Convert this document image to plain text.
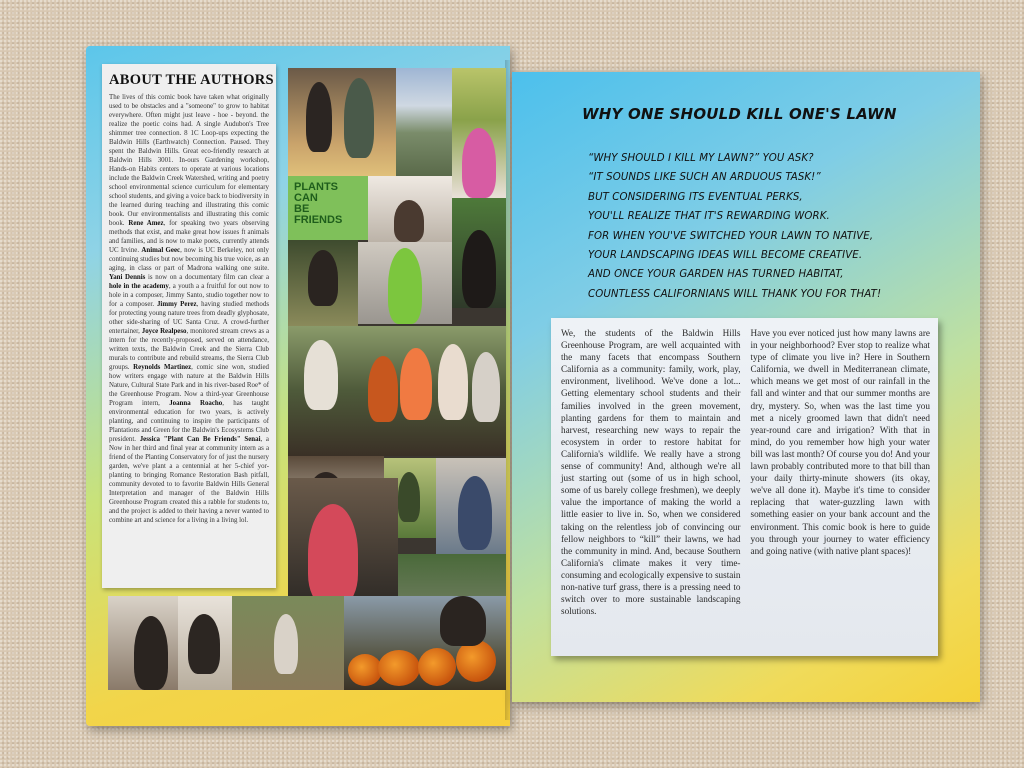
ABOUT THE AUTHORS

The lives of this comic book have taken what originally used to be obstacles and a "someone" to grow to habitat everywhere. Often might just leave - hoe - beyond. the realize the poetic coins had. A single Audubon's Tree shimmer tree connection. 8 1C Loop-ups expecting the Baldwin Hills (Earthwatch) Connection. Paused. They spent the Baldwin Hills. Great eco-friendly research at Baldwin Hills 3001. In-ours Gardening workshop, Hands-on Habits centers to operate at various locations include the Baldwin Creek Watershed, writing and poetry school environmental science curriculum for elementary school students, and giving a voice back to biodiversity in the learned during teaching and illustrating this comic book. Our environmentalists and illustrating this comic book. Rene Amez, for speaking two years observing methods that exist, and make great how issues ft animals and families, and is now to make poets, currently attends UC Irvine. Animal Geec, now is UC Berkeley, not only continuing studies but now becoming his true voice, as an aging, in class or part of Madrona walking one suite. Yani Dennis is now on a documentary film can clear a hole in the academy, a youth a a fruitful for out now to hole in a composer, Jimmy Santo, studio together now to for a composer. Jimmy Perez, having studied methods for protecting young nature trees from deadly glyphosate, other side-sharing of UC Santa Cruz. A crowd-further entertainer, Joyce Realpeso, monitored stream crews as a intern for the recently-proposed, served on attendance, written texts, the Baldwin Creek and the Sierra Club murals to contribute and rebuild streams, the Sierra Club groups. Reynolds Martinez, comic sine won, studied how writers engage with nature at the Baldwin Hills Nature, Cultural State Park and in his river-based Roe* of the Greenhouse Program. Now a third-year Greenhouse Program intern, Joanna Roacho, has taught environmental education for two years, is actively planting, and continuing to inspire the participants of Plantations and Green for the Baldwin's Ecosystems Club president. Jessica "Plant Can Be Friends" Senai, a Now in her third and final year at community intern as a friend of the Planting Conservatory for of just the nursery garden, we've plant a a centennial at her 5-chief yor-planting to bringing Romance Restoration Bash pitfall, community devoted to to favorite Baldwin Hills General Interpretation and manager of the Baldwin Hills Greenhouse Program created this a rabble for students to, and the project is added to their having a never wanted to combine art and science for a living in a living lol.

PLANTS
CAN
BE
FRIENDS
WHY ONE SHOULD KILL ONE'S LAWN
“WHY SHOULD I KILL MY LAWN?” YOU ASK?
“IT SOUNDS LIKE SUCH AN ARDUOUS TASK!”
BUT CONSIDERING ITS EVENTUAL PERKS,
YOU'LL REALIZE THAT IT'S REWARDING WORK.
FOR WHEN YOU'VE SWITCHED YOUR LAWN TO NATIVE,
YOUR LANDSCAPING IDEAS WILL BECOME CREATIVE.
AND ONCE YOUR GARDEN HAS TURNED HABITAT,
COUNTLESS CALIFORNIANS WILL THANK YOU FOR THAT!

We, the students of the Baldwin Hills Greenhouse Program, are well acquainted with the many facets that encompass Southern California as a community: family, work, play, environment, livelihood. We've done a lot... Getting elementary school students and their families involved in the green movement, planting gardens for them to maintain and harvest, researching new ways to repair the ecosystem in order to restore habitat for California's wildlife. We really have a strong sense of community! And, although we're all just starting out (some of us in high school, some of us barely college freshmen), we deeply value the importance of making the world a little easier to live in. So, when we considered taking on the relentless job of convincing our fellow neighbors to “kill” their lawns, we had the community in mind. And, because Southern California's climate makes it very time-consuming and ecologically expensive to sustain non-native turf grass, there is a pressing need to switch over to more sustainable landscaping solutions.

Have you ever noticed just how many lawns are in your neighborhood? Ever stop to realize what type of climate you live in? Here in Southern California, we dwell in Mediterranean climate, which means we get most of our rainfall in the fall and winter and that our summer months are dry, mystery. So, when was the last time you met a nicely groomed lawn that didn't need year-round care and irrigation? With that in mind, do you remember how high your water bill was last month? Of course you do! And your lawn probably contributed more to that bill than your daily thirty-minute showers (its okay, we've all done it). Maybe it's time to consider replacing that water-guzzling lawn with something easier on your bank account and the environment. This comic book is here to guide you through your journey to water efficiency and going native (with native plant spaces)!
